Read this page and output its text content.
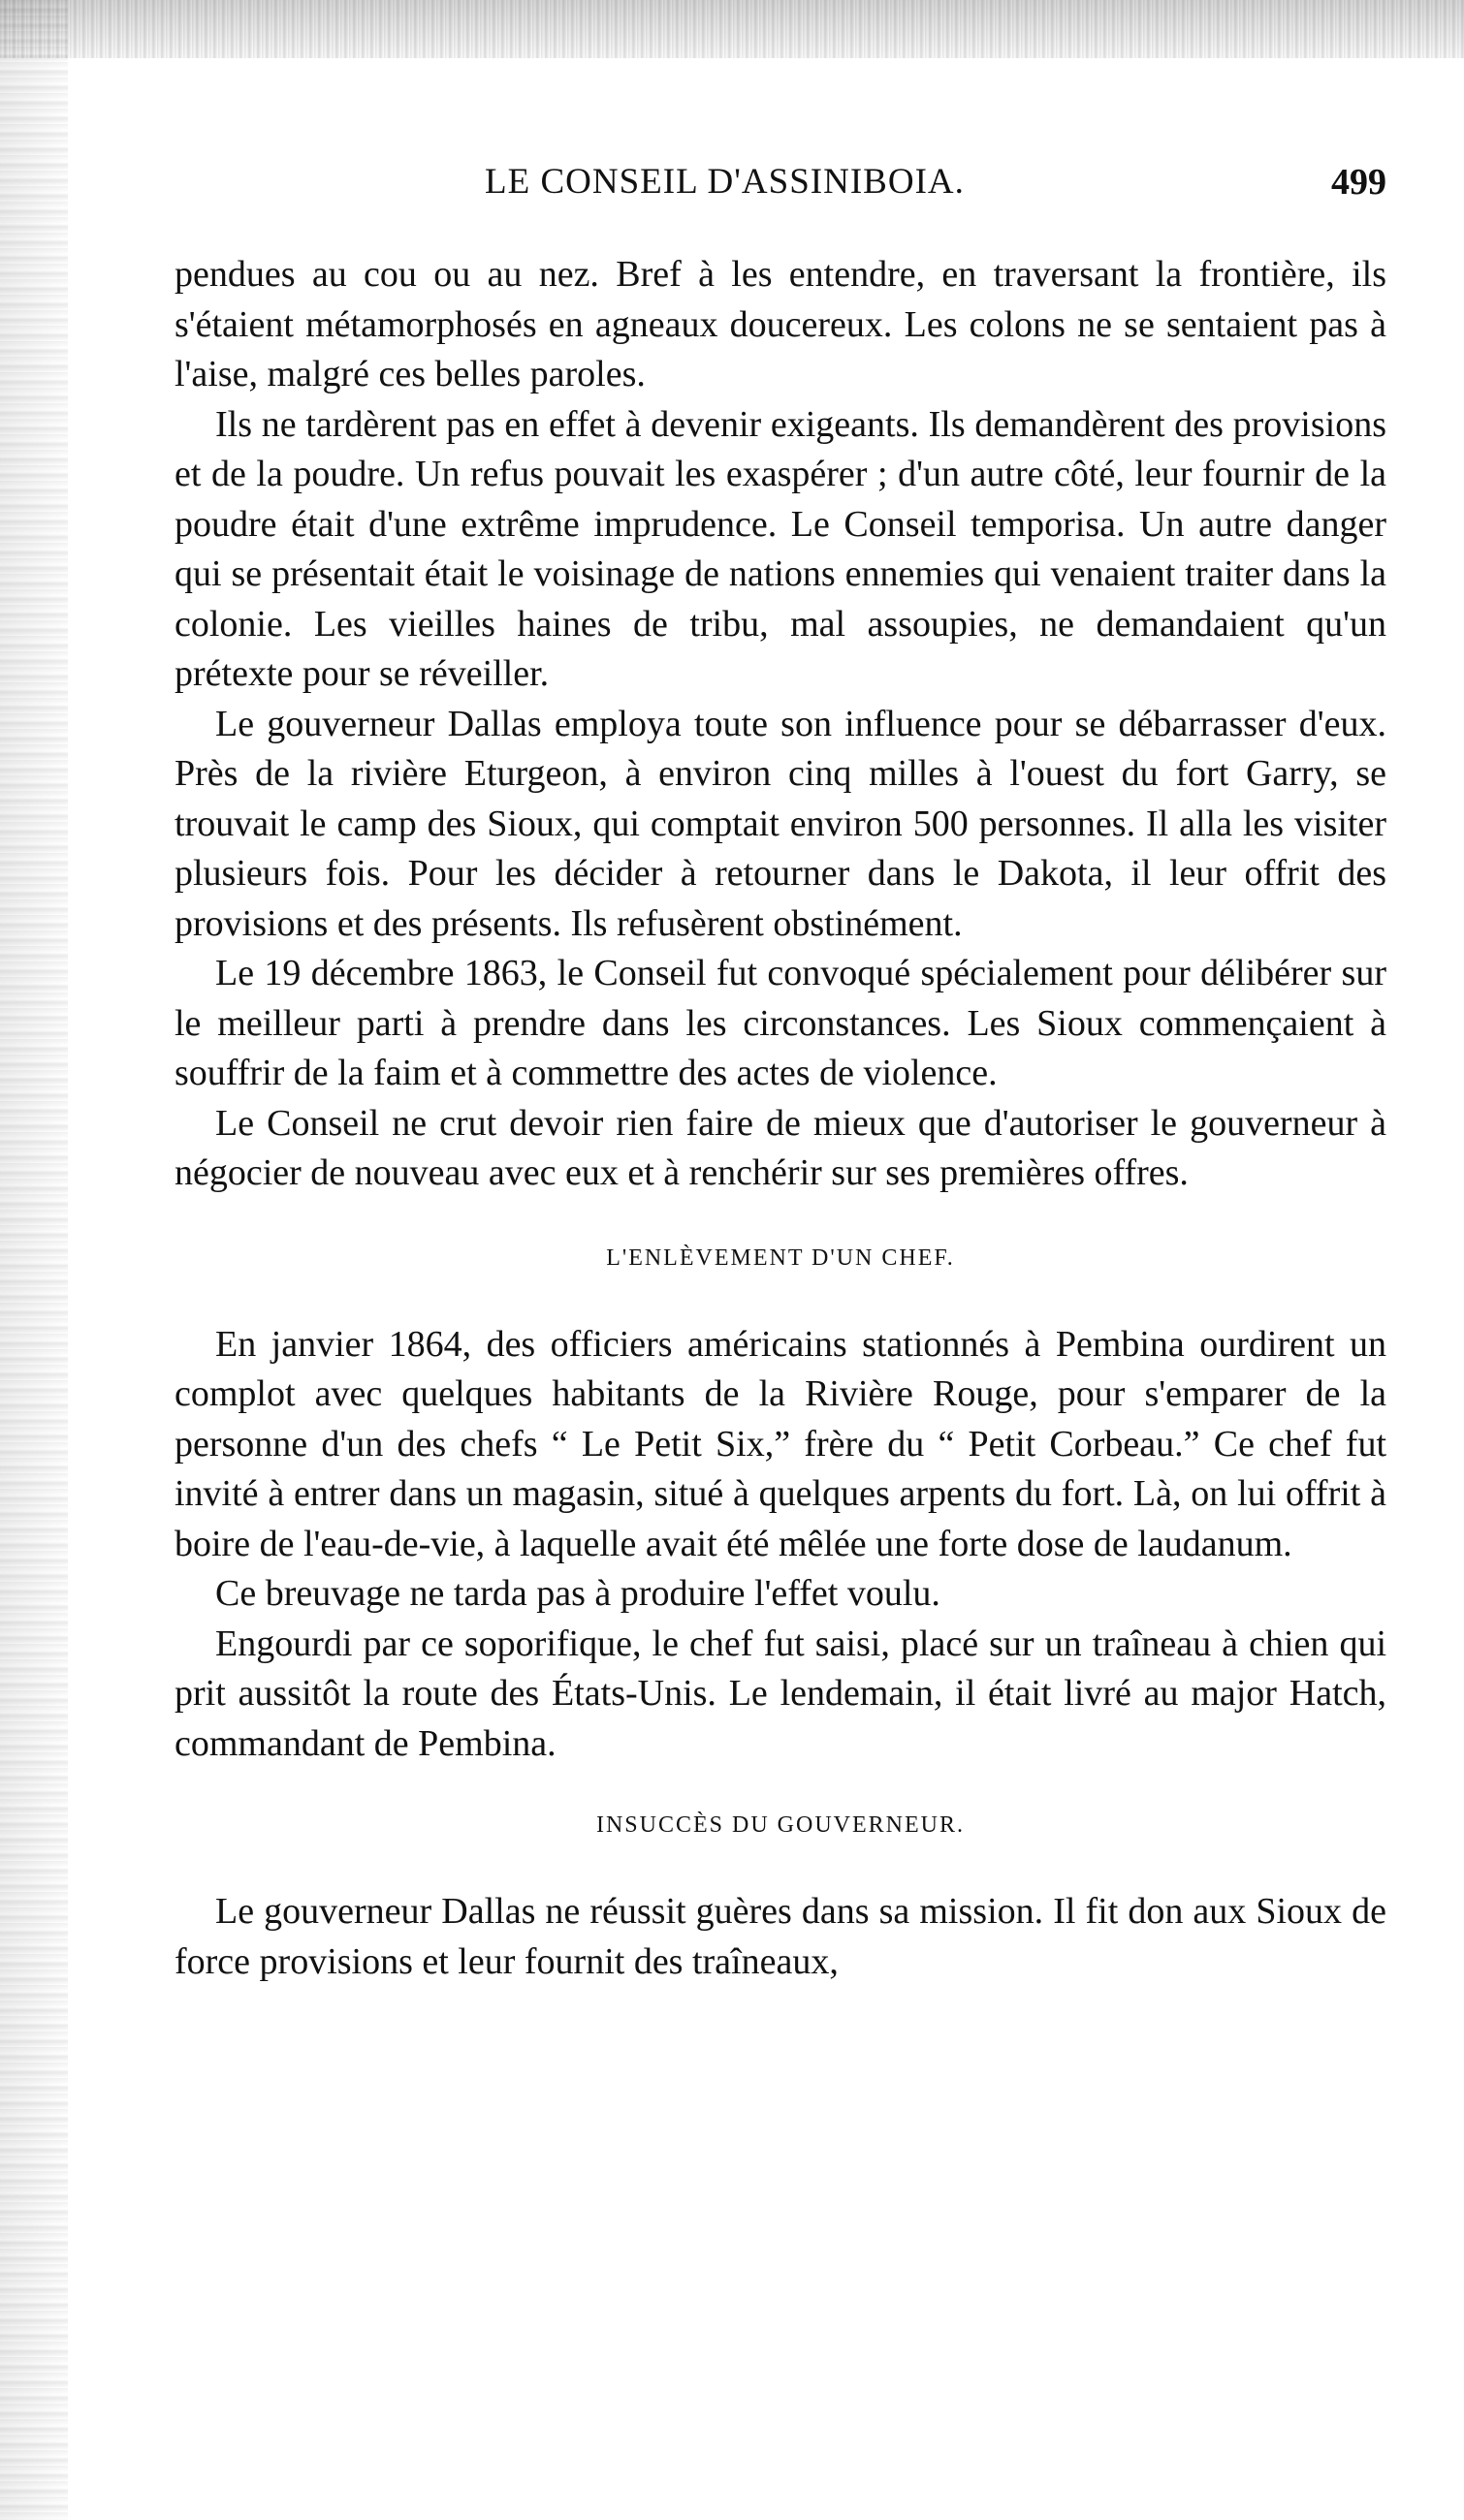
LE CONSEIL D'ASSINIBOIA.	499

pendues au cou ou au nez. Bref à les entendre, en traversant la frontière, ils s'étaient métamorphosés en agneaux doucereux. Les colons ne se sentaient pas à l'aise, malgré ces belles paroles.

Ils ne tardèrent pas en effet à devenir exigeants. Ils demandèrent des provisions et de la poudre. Un refus pouvait les exaspérer ; d'un autre côté, leur fournir de la poudre était d'une extrême imprudence. Le Conseil temporisa. Un autre danger qui se présentait était le voisinage de nations ennemies qui venaient traiter dans la colonie. Les vieilles haines de tribu, mal assoupies, ne demandaient qu'un prétexte pour se réveiller.

Le gouverneur Dallas employa toute son influence pour se débarrasser d'eux. Près de la rivière Eturgeon, à environ cinq milles à l'ouest du fort Garry, se trouvait le camp des Sioux, qui comptait environ 500 personnes. Il alla les visiter plusieurs fois. Pour les décider à retourner dans le Dakota, il leur offrit des provisions et des présents. Ils refusèrent obstinément.

Le 19 décembre 1863, le Conseil fut convoqué spécialement pour délibérer sur le meilleur parti à prendre dans les circonstances. Les Sioux commençaient à souffrir de la faim et à commettre des actes de violence.

Le Conseil ne crut devoir rien faire de mieux que d'autoriser le gouverneur à négocier de nouveau avec eux et à renchérir sur ses premières offres.

L'ENLÈVEMENT D'UN CHEF.

En janvier 1864, des officiers américains stationnés à Pembina ourdirent un complot avec quelques habitants de la Rivière Rouge, pour s'emparer de la personne d'un des chefs “ Le Petit Six,” frère du “ Petit Corbeau.” Ce chef fut invité à entrer dans un magasin, situé à quelques arpents du fort. Là, on lui offrit à boire de l'eau-de-vie, à laquelle avait été mêlée une forte dose de laudanum.

Ce breuvage ne tarda pas à produire l'effet voulu.

Engourdi par ce soporifique, le chef fut saisi, placé sur un traîneau à chien qui prit aussitôt la route des États-Unis. Le lendemain, il était livré au major Hatch, commandant de Pembina.

INSUCCÈS DU GOUVERNEUR.

Le gouverneur Dallas ne réussit guères dans sa mission. Il fit don aux Sioux de force provisions et leur fournit des traîneaux,
